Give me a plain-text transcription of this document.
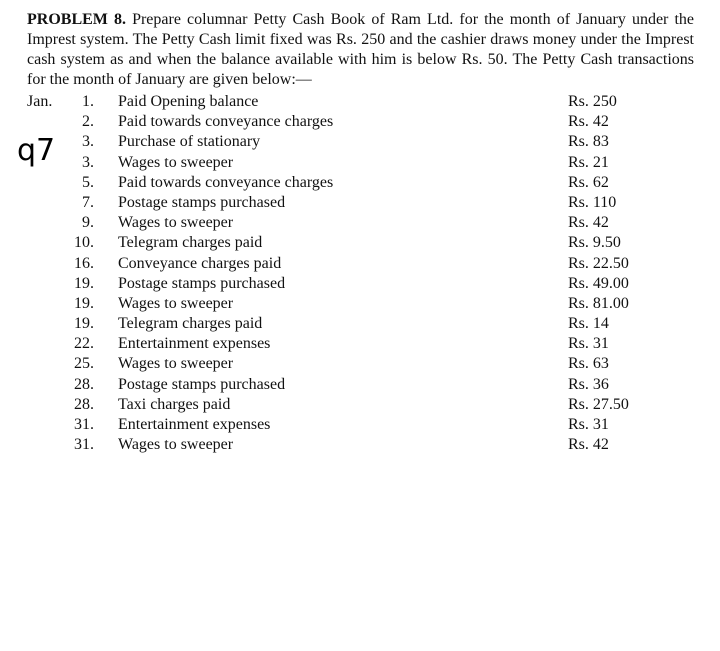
PROBLEM 8. Prepare columnar Petty Cash Book of Ram Ltd. for the month of January under the Imprest system. The Petty Cash limit fixed was Rs. 250 and the cashier draws money under the Imprest cash system as and when the balance available with him is below Rs. 50. The Petty Cash transactions for the month of January are given below:—
q7
Jan.	1. Paid Opening balance	Rs. 250
2. Paid towards conveyance charges	Rs. 42
3. Purchase of stationary	Rs. 83
3. Wages to sweeper	Rs. 21
5. Paid towards conveyance charges	Rs. 62
7. Postage stamps purchased	Rs. 110
9. Wages to sweeper	Rs. 42
10. Telegram charges paid	Rs. 9.50
16. Conveyance charges paid	Rs. 22.50
19. Postage stamps purchased	Rs. 49.00
19. Wages to sweeper	Rs. 81.00
19. Telegram charges paid	Rs. 14
22. Entertainment expenses	Rs. 31
25. Wages to sweeper	Rs. 63
28. Postage stamps purchased	Rs. 36
28. Taxi charges paid	Rs. 27.50
31. Entertainment expenses	Rs. 31
31. Wages to sweeper	Rs. 42
